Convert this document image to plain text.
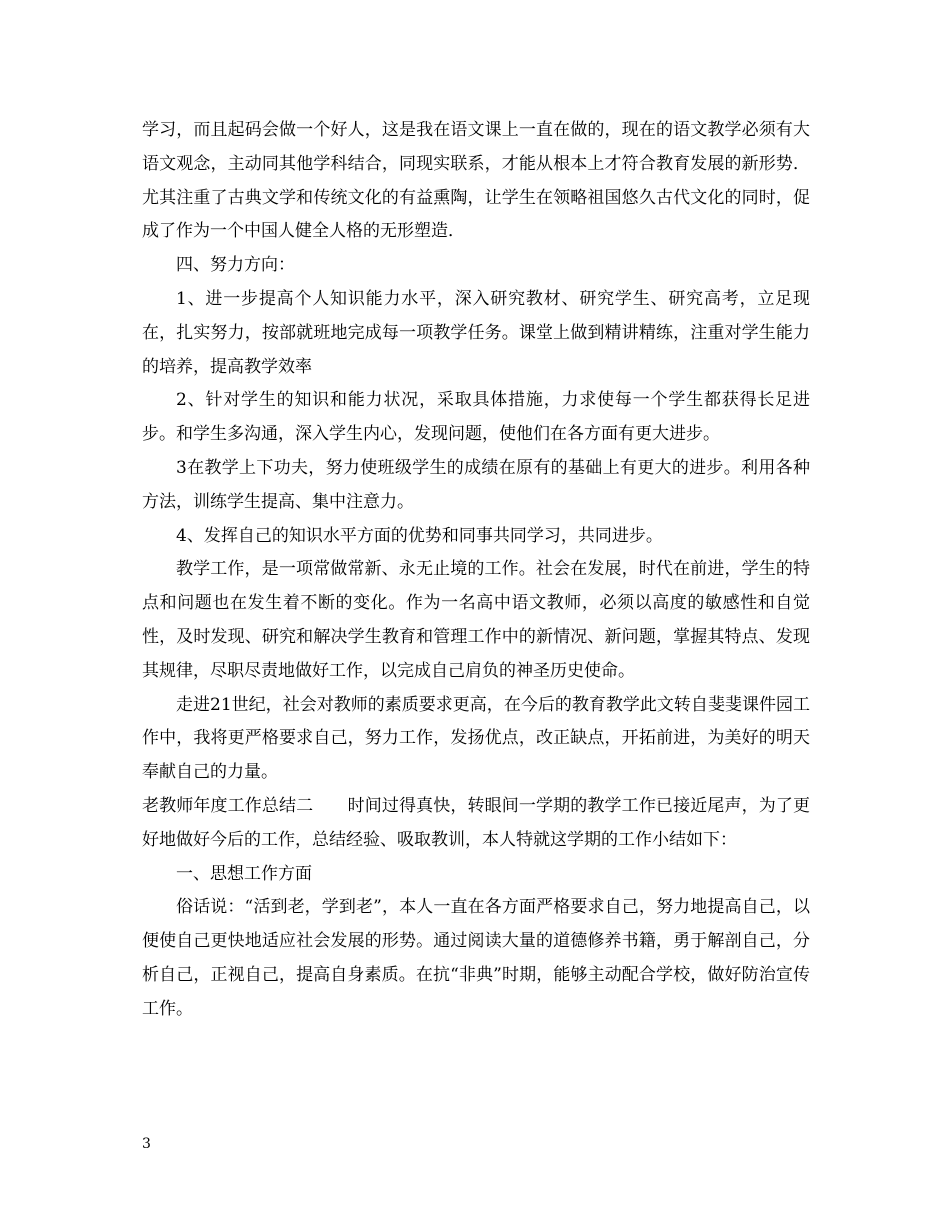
学习，而且起码会做一个好人，这是我在语文课上一直在做的，现在的语文教学必须有大语文观念，主动同其他学科结合，同现实联系，才能从根本上才符合教育发展的新形势．尤其注重了古典文学和传统文化的有益熏陶，让学生在领略祖国悠久古代文化的同时，促成了作为一个中国人健全人格的无形塑造．

四、努力方向：

1、进一步提高个人知识能力水平，深入研究教材、研究学生、研究高考，立足现在，扎实努力，按部就班地完成每一项教学任务。课堂上做到精讲精练，注重对学生能力的培养，提高教学效率

2、针对学生的知识和能力状况，采取具体措施，力求使每一个学生都获得长足进步。和学生多沟通，深入学生内心，发现问题，使他们在各方面有更大进步。

3在教学上下功夫，努力使班级学生的成绩在原有的基础上有更大的进步。利用各种方法，训练学生提高、集中注意力。

4、发挥自己的知识水平方面的优势和同事共同学习，共同进步。

教学工作，是一项常做常新、永无止境的工作。社会在发展，时代在前进，学生的特点和问题也在发生着不断的变化。作为一名高中语文教师，必须以高度的敏感性和自觉性，及时发现、研究和解决学生教育和管理工作中的新情况、新问题，掌握其特点、发现其规律，尽职尽责地做好工作，以完成自己肩负的神圣历史使命。

走进21世纪，社会对教师的素质要求更高，在今后的教育教学此文转自斐斐课件园工作中，我将更严格要求自己，努力工作，发扬优点，改正缺点，开拓前进，为美好的明天奉献自己的力量。

老教师年度工作总结二　　时间过得真快，转眼间一学期的教学工作已接近尾声，为了更好地做好今后的工作，总结经验、吸取教训，本人特就这学期的工作小结如下：

一、思想工作方面

俗话说：“活到老，学到老”，本人一直在各方面严格要求自己，努力地提高自己，以便使自己更快地适应社会发展的形势。通过阅读大量的道德修养书籍，勇于解剖自己，分析自己，正视自己，提高自身素质。在抗“非典”时期，能够主动配合学校，做好防治宣传工作。

3
